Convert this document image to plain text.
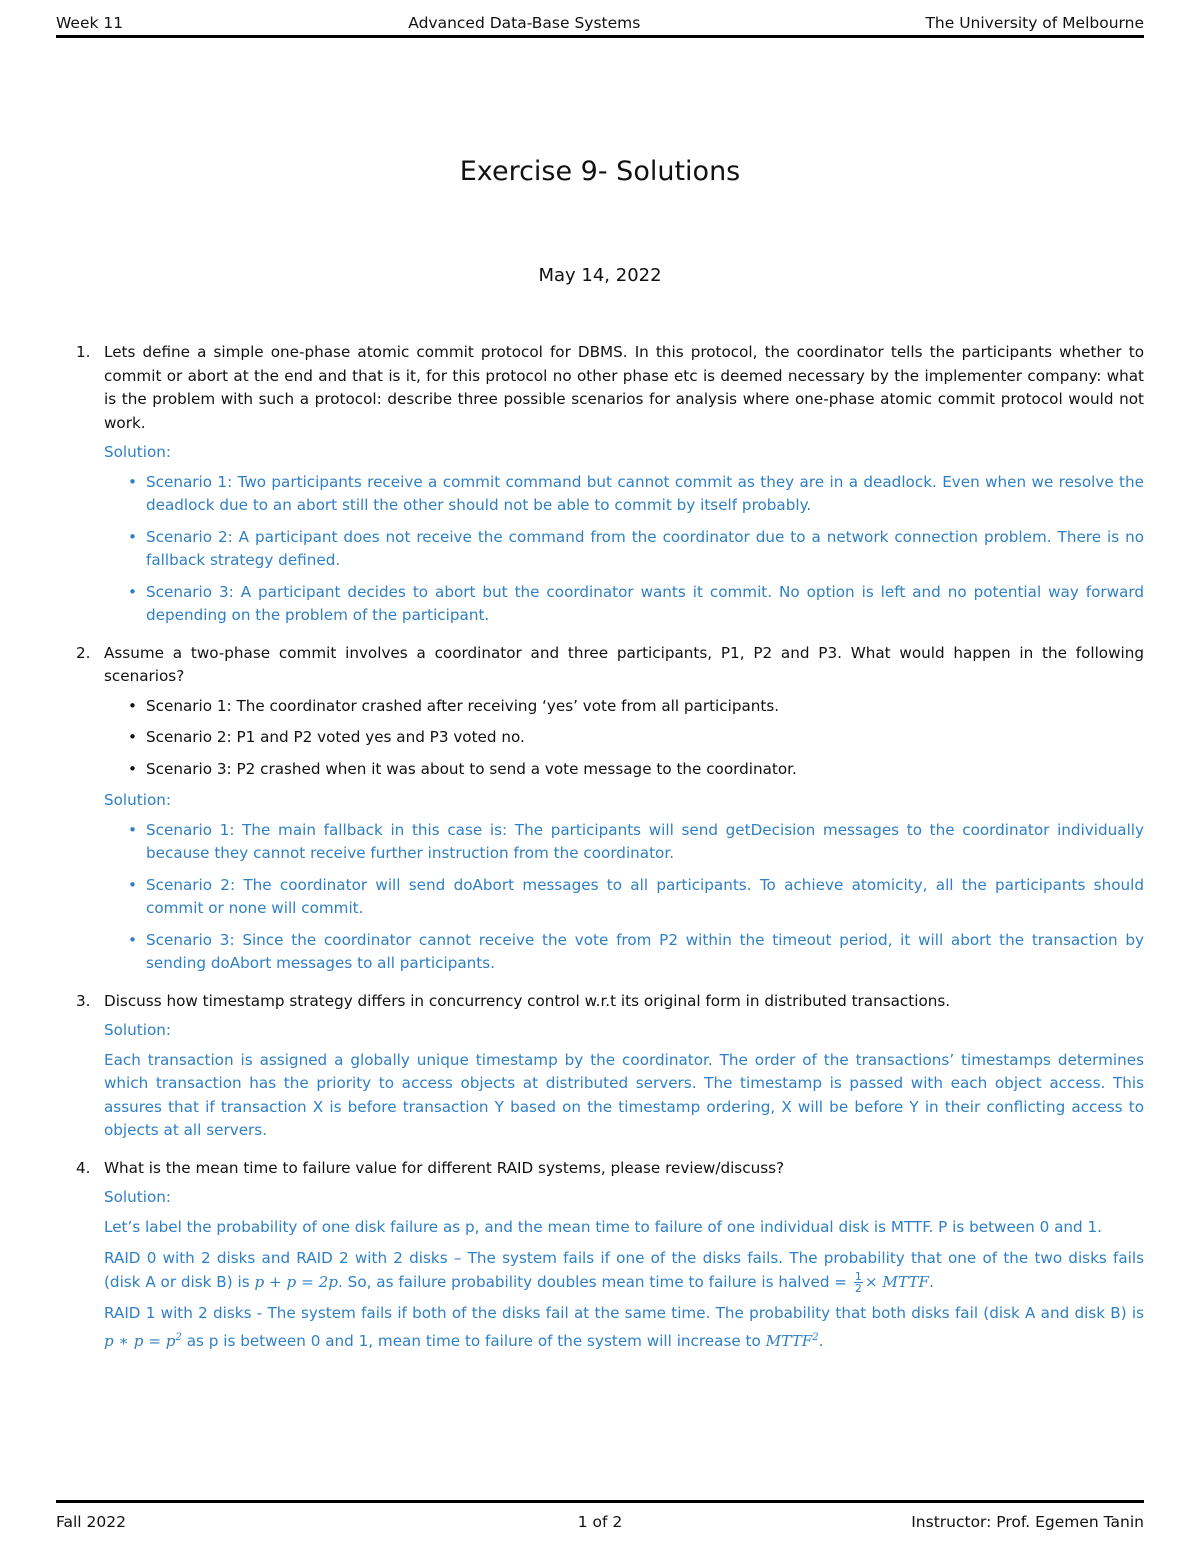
Week 11	Advanced Data-Base Systems	The University of Melbourne
Exercise 9- Solutions
May 14, 2022
1. Lets define a simple one-phase atomic commit protocol for DBMS. In this protocol, the coordinator tells the participants whether to commit or abort at the end and that is it, for this protocol no other phase etc is deemed necessary by the implementer company: what is the problem with such a protocol: describe three possible scenarios for analysis where one-phase atomic commit protocol would not work.
Solution:
• Scenario 1: Two participants receive a commit command but cannot commit as they are in a deadlock. Even when we resolve the deadlock due to an abort still the other should not be able to commit by itself probably.
• Scenario 2: A participant does not receive the command from the coordinator due to a network connection problem. There is no fallback strategy defined.
• Scenario 3: A participant decides to abort but the coordinator wants it commit. No option is left and no potential way forward depending on the problem of the participant.
2. Assume a two-phase commit involves a coordinator and three participants, P1, P2 and P3. What would happen in the following scenarios?
• Scenario 1: The coordinator crashed after receiving ‘yes’ vote from all participants.
• Scenario 2: P1 and P2 voted yes and P3 voted no.
• Scenario 3: P2 crashed when it was about to send a vote message to the coordinator.
Solution:
• Scenario 1: The main fallback in this case is: The participants will send getDecision messages to the coordinator individually because they cannot receive further instruction from the coordinator.
• Scenario 2: The coordinator will send doAbort messages to all participants. To achieve atomicity, all the participants should commit or none will commit.
• Scenario 3: Since the coordinator cannot receive the vote from P2 within the timeout period, it will abort the transaction by sending doAbort messages to all participants.
3. Discuss how timestamp strategy differs in concurrency control w.r.t its original form in distributed transactions.
Solution:
Each transaction is assigned a globally unique timestamp by the coordinator. The order of the transactions’ timestamps determines which transaction has the priority to access objects at distributed servers. The timestamp is passed with each object access. This assures that if transaction X is before transaction Y based on the timestamp ordering, X will be before Y in their conflicting access to objects at all servers.
4. What is the mean time to failure value for different RAID systems, please review/discuss?
Solution:
Let’s label the probability of one disk failure as p, and the mean time to failure of one individual disk is MTTF. P is between 0 and 1.
RAID 0 with 2 disks and RAID 2 with 2 disks – The system fails if one of the disks fails. The probability that one of the two disks fails (disk A or disk B) is p + p = 2p. So, as failure probability doubles mean time to failure is halved = $\frac{1}{2}$ × MTTF.
RAID 1 with 2 disks - The system fails if both of the disks fail at the same time. The probability that both disks fail (disk A and disk B) is p ∗ $p = p^2$ as p is between 0 and 1, mean time to failure of the system will increase to MTTF$^2$.
Fall 2022	1 of 2	Instructor: Prof. Egemen Tanin
